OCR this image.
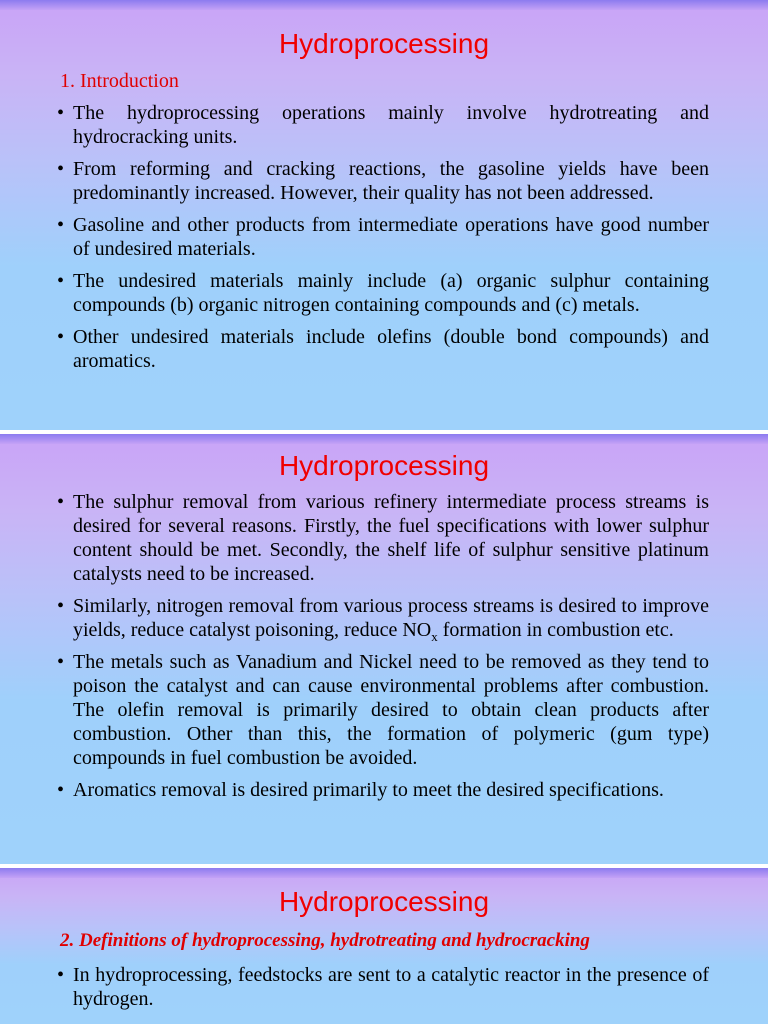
Hydroprocessing
1. Introduction
• The hydroprocessing operations mainly involve hydrotreating and hydrocracking units.
• From reforming and cracking reactions, the gasoline yields have been predominantly increased. However, their quality has not been addressed.
• Gasoline and other products from intermediate operations have good number of undesired materials.
• The undesired materials mainly include (a) organic sulphur containing compounds (b) organic nitrogen containing compounds and (c) metals.
• Other undesired materials include olefins (double bond compounds) and aromatics.
Hydroprocessing
• The sulphur removal from various refinery intermediate process streams is desired for several reasons. Firstly, the fuel specifications with lower sulphur content should be met. Secondly, the shelf life of sulphur sensitive platinum catalysts need to be increased.
• Similarly, nitrogen removal from various process streams is desired to improve yields, reduce catalyst poisoning, reduce $NO_x$ formation in combustion etc.
• The metals such as Vanadium and Nickel need to be removed as they tend to poison the catalyst and can cause environmental problems after combustion. The olefin removal is primarily desired to obtain clean products after combustion. Other than this, the formation of polymeric (gum type) compounds in fuel combustion be avoided.
• Aromatics removal is desired primarily to meet the desired specifications.
Hydroprocessing
2. Definitions of hydroprocessing, hydrotreating and hydrocracking
• In hydroprocessing, feedstocks are sent to a catalytic reactor in the presence of hydrogen.
